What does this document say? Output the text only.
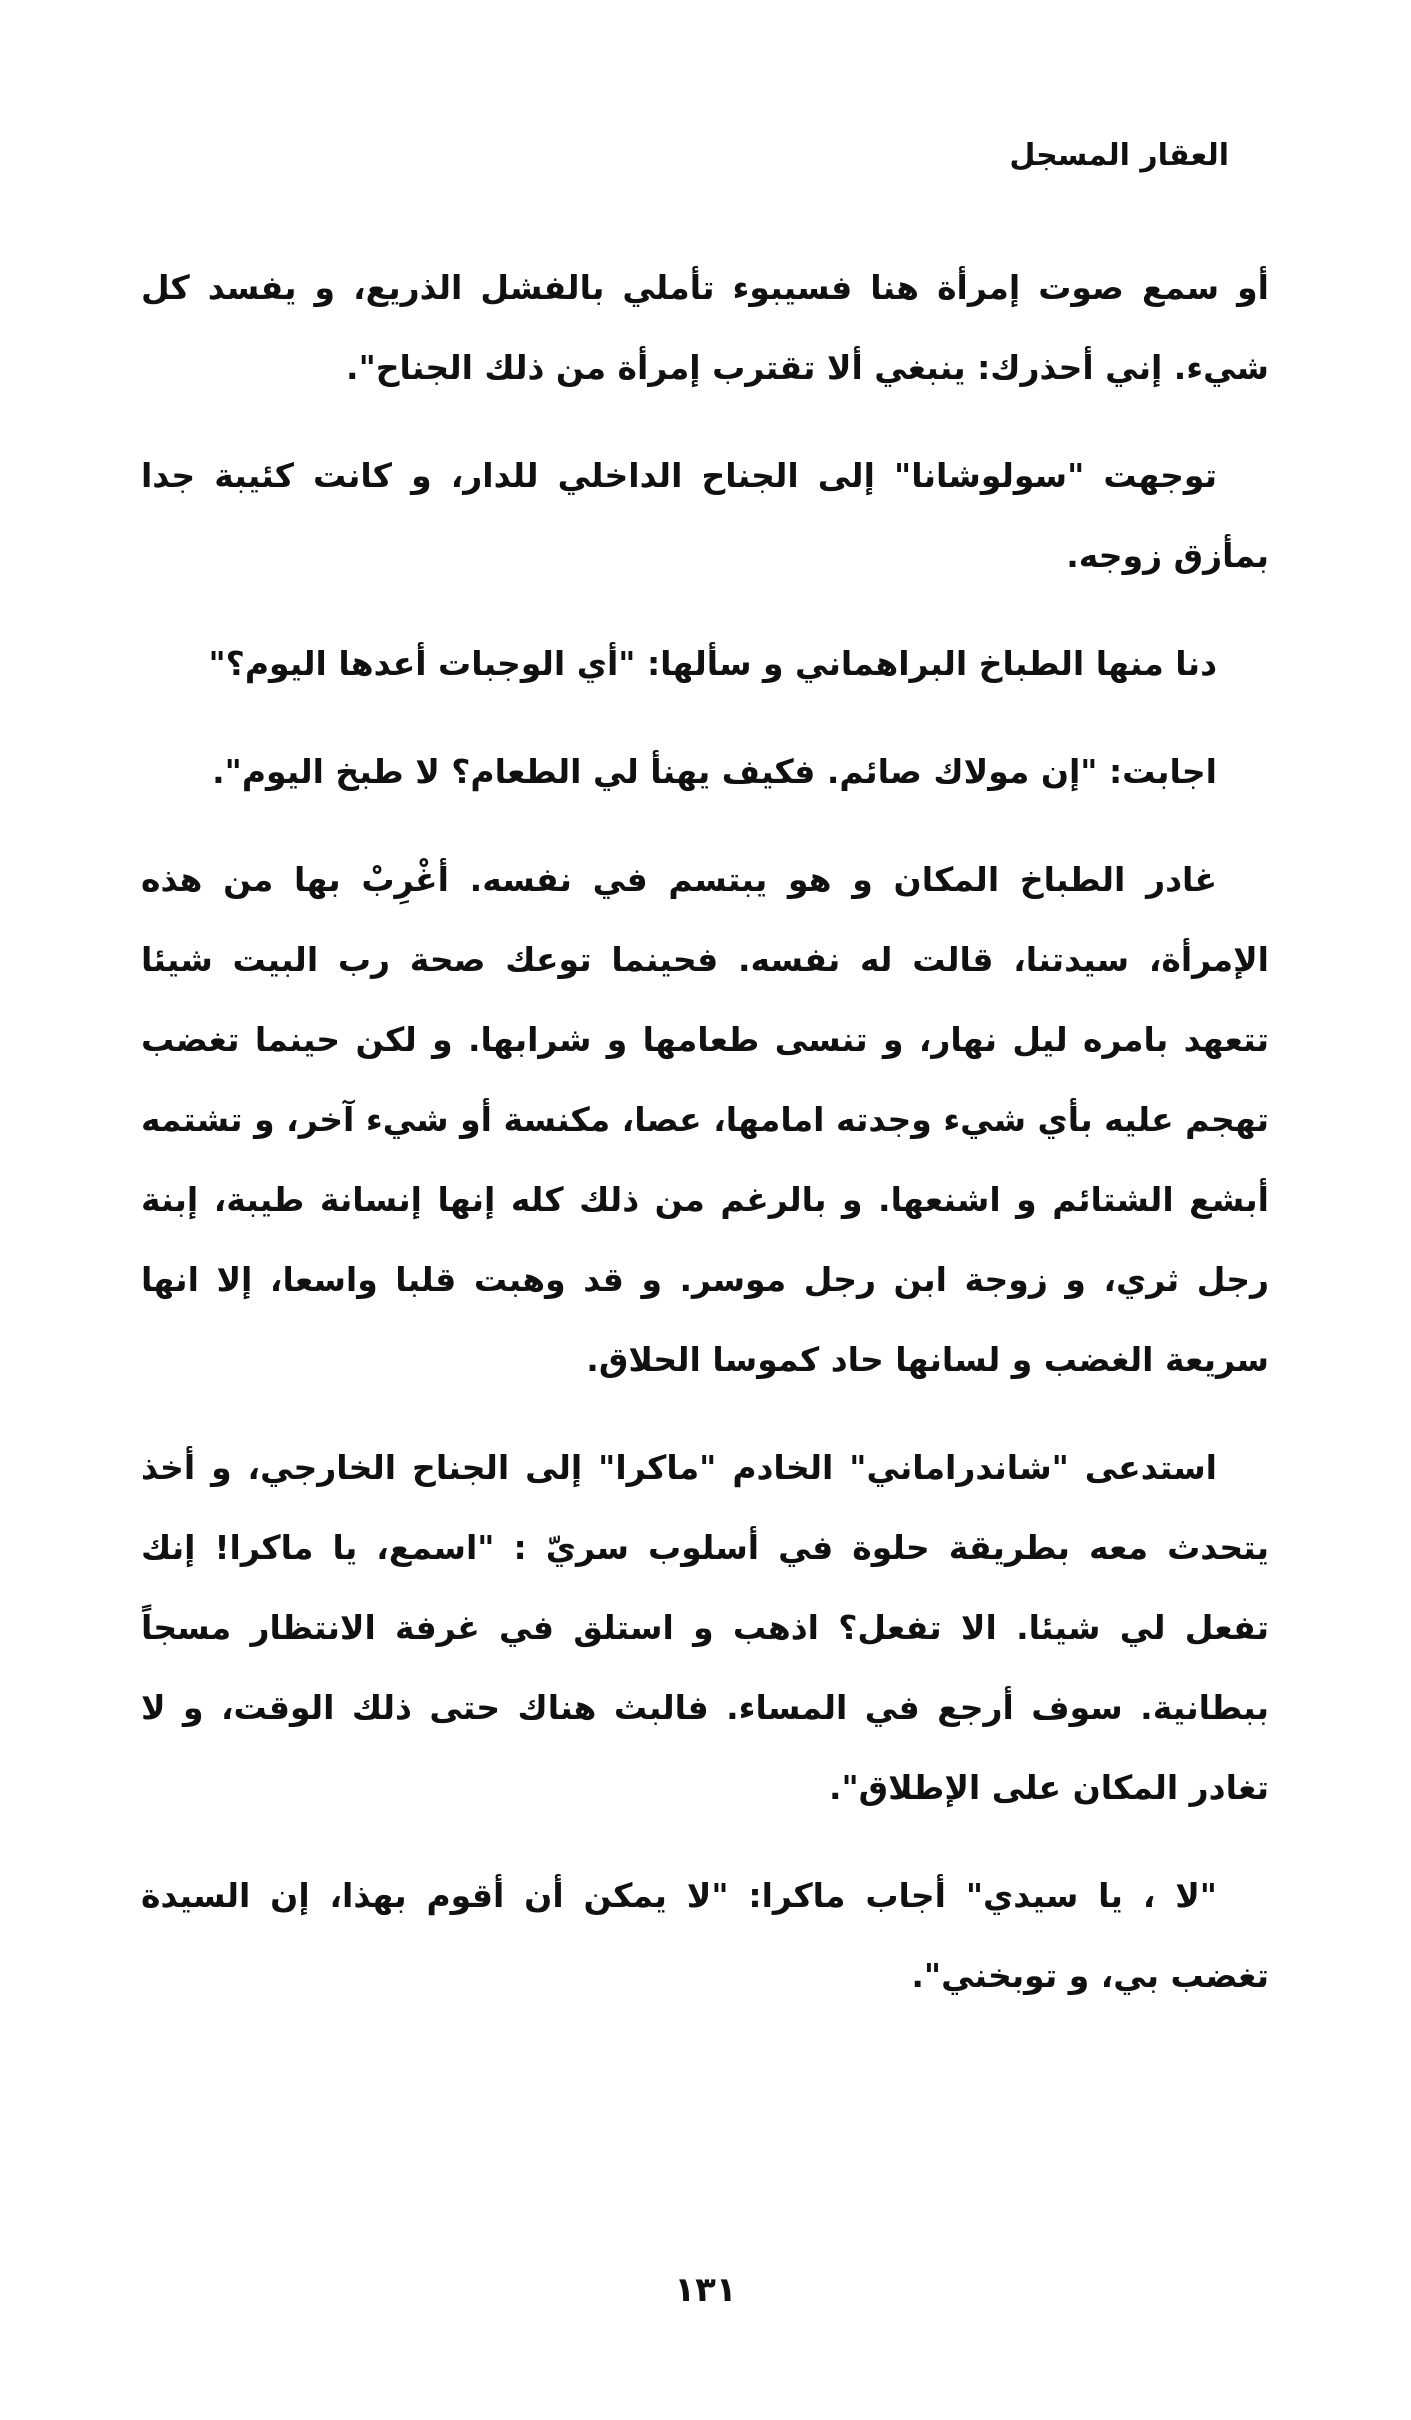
العقار المسجل

أو سمع صوت إمرأة هنا فسيبوء تأملي بالفشل الذريع، و يفسد كل شيء. إني أحذرك: ينبغي ألا تقترب إمرأة من ذلك الجناح".

توجهت "سولوشانا" إلى الجناح الداخلي للدار، و كانت كئيبة جدا بمأزق زوجه.

دنا منها الطباخ البراهماني و سألها: "أي الوجبات أعدها اليوم؟"

اجابت: "إن مولاك صائم. فكيف يهنأ لي الطعام؟ لا طبخ اليوم".

غادر الطباخ المكان و هو يبتسم في نفسه. أغْرِبْ بها من هذه الإمرأة، سيدتنا، قالت له نفسه. فحينما توعك صحة رب البيت شيئا تتعهد بامره ليل نهار، و تنسى طعامها و شرابها. و لكن حينما تغضب تهجم عليه بأي شيء وجدته امامها، عصا، مكنسة أو شيء آخر، و تشتمه أبشع الشتائم و اشنعها. و بالرغم من ذلك كله إنها إنسانة طيبة، إبنة رجل ثري، و زوجة ابن رجل موسر. و قد وهبت قلبا واسعا، إلا انها سريعة الغضب و لسانها حاد كموسا الحلاق.

استدعى "شاندراماني" الخادم "ماكرا" إلى الجناح الخارجي، و أخذ يتحدث معه بطريقة حلوة في أسلوب سريّ : "اسمع، يا ماكرا! إنك تفعل لي شيئا. الا تفعل؟ اذهب و استلق في غرفة الانتظار مسجاً ببطانية. سوف أرجع في المساء. فالبث هناك حتى ذلك الوقت، و لا تغادر المكان على الإطلاق".

"لا ، يا سيدي" أجاب ماكرا: "لا يمكن أن أقوم بهذا، إن السيدة تغضب بي، و توبخني".

١٣١
